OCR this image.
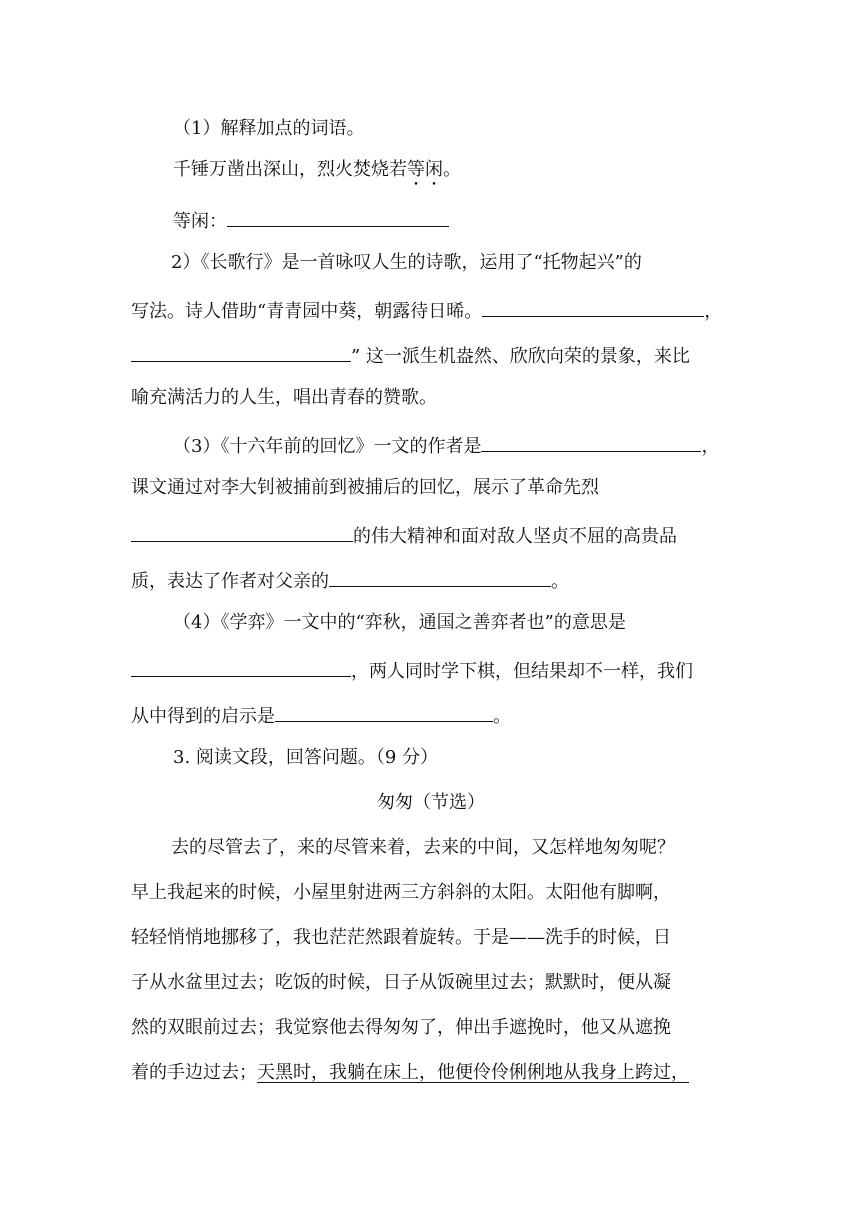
（1）解释加点的词语。
千锤万凿出深山，烈火焚烧若等闲。
等闲：
2）《长歌行》是一首咏叹人生的诗歌，运用了“托物起兴”的
写法。诗人借助“青青园中葵，朝露待日晞。	，
” 这一派生机盎然、欣欣向荣的景象，来比
喻充满活力的人生，唱出青春的赞歌。
（3）《十六年前的回忆》一文的作者是	，
课文通过对李大钊被捕前到被捕后的回忆，展示了革命先烈
的伟大精神和面对敌人坚贞不屈的高贵品
质，表达了作者对父亲的	。
（4）《学弈》一文中的“弈秋，通国之善弈者也”的意思是
，两人同时学下棋，但结果却不一样，我们
从中得到的启示是	。
3. 阅读文段，回答问题。（9 分）
匆匆（节选）
去的尽管去了，来的尽管来着，去来的中间，又怎样地匆匆呢？
早上我起来的时候，小屋里射进两三方斜斜的太阳。太阳他有脚啊，
轻轻悄悄地挪移了，我也茫茫然跟着旋转。于是——洗手的时候，日
子从水盆里过去；吃饭的时候，日子从饭碗里过去；默默时，便从凝
然的双眼前过去；我觉察他去得匆匆了，伸出手遮挽时，他又从遮挽
着的手边过去；天黑时，我躺在床上，他便伶伶俐俐地从我身上跨过，
